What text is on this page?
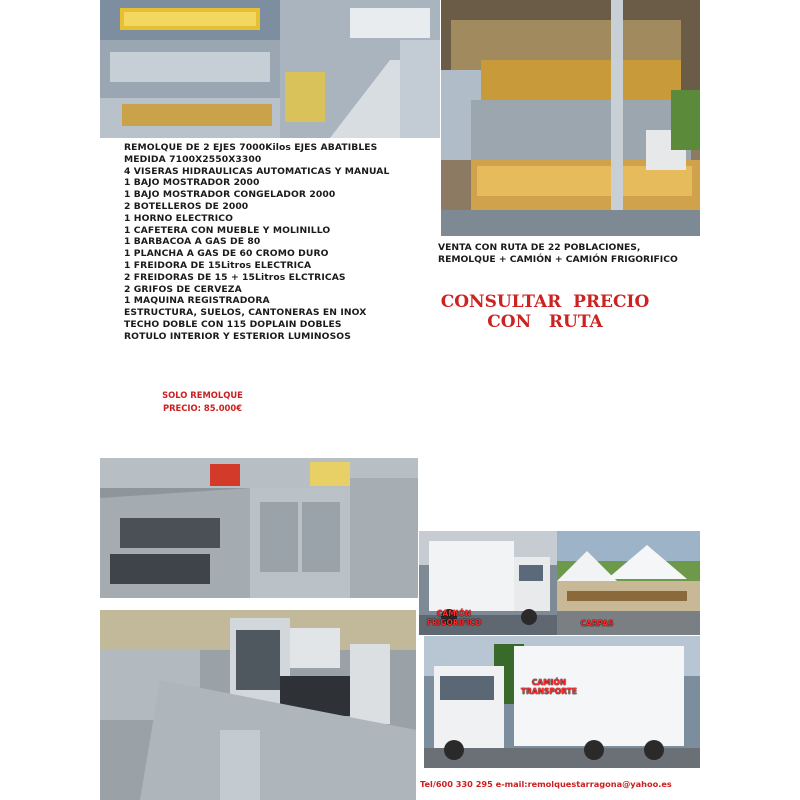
REMOLQUE DE 2 EJES 7000Kilos EJES ABATIBLES
MEDIDA 7100X2550X3300
4 VISERAS HIDRAULICAS AUTOMATICAS Y MANUAL
1 BAJO MOSTRADOR 2000
1 BAJO MOSTRADOR CONGELADOR 2000
2 BOTELLEROS DE 2000
1 HORNO ELECTRICO
1 CAFETERA CON MUEBLE Y MOLINILLO
1 BARBACOA A GAS DE 80
1 PLANCHA A GAS DE 60 CROMO DURO
1 FREIDORA DE 15Litros ELECTRICA
2 FREIDORAS DE 15 + 15Litros ELCTRICAS
2 GRIFOS DE CERVEZA
1 MAQUINA REGISTRADORA
ESTRUCTURA, SUELOS, CANTONERAS EN INOX
TECHO DOBLE CON 115 DOPLAIN DOBLES
ROTULO INTERIOR Y ESTERIOR LUMINOSOS
VENTA CON RUTA DE 22 POBLACIONES,
REMOLQUE + CAMIÓN + CAMIÓN FRIGORIFICO
CONSULTAR  PRECIO
CON   RUTA
SOLO REMOLQUE
PRECIO: 85.000€
CAMIÓN
FRIGORIFICO	CARPAS
CAMIÓN
TRANSPORTE
Tel/600 330 295 e-mail:remolquestarragona@yahoo.es
